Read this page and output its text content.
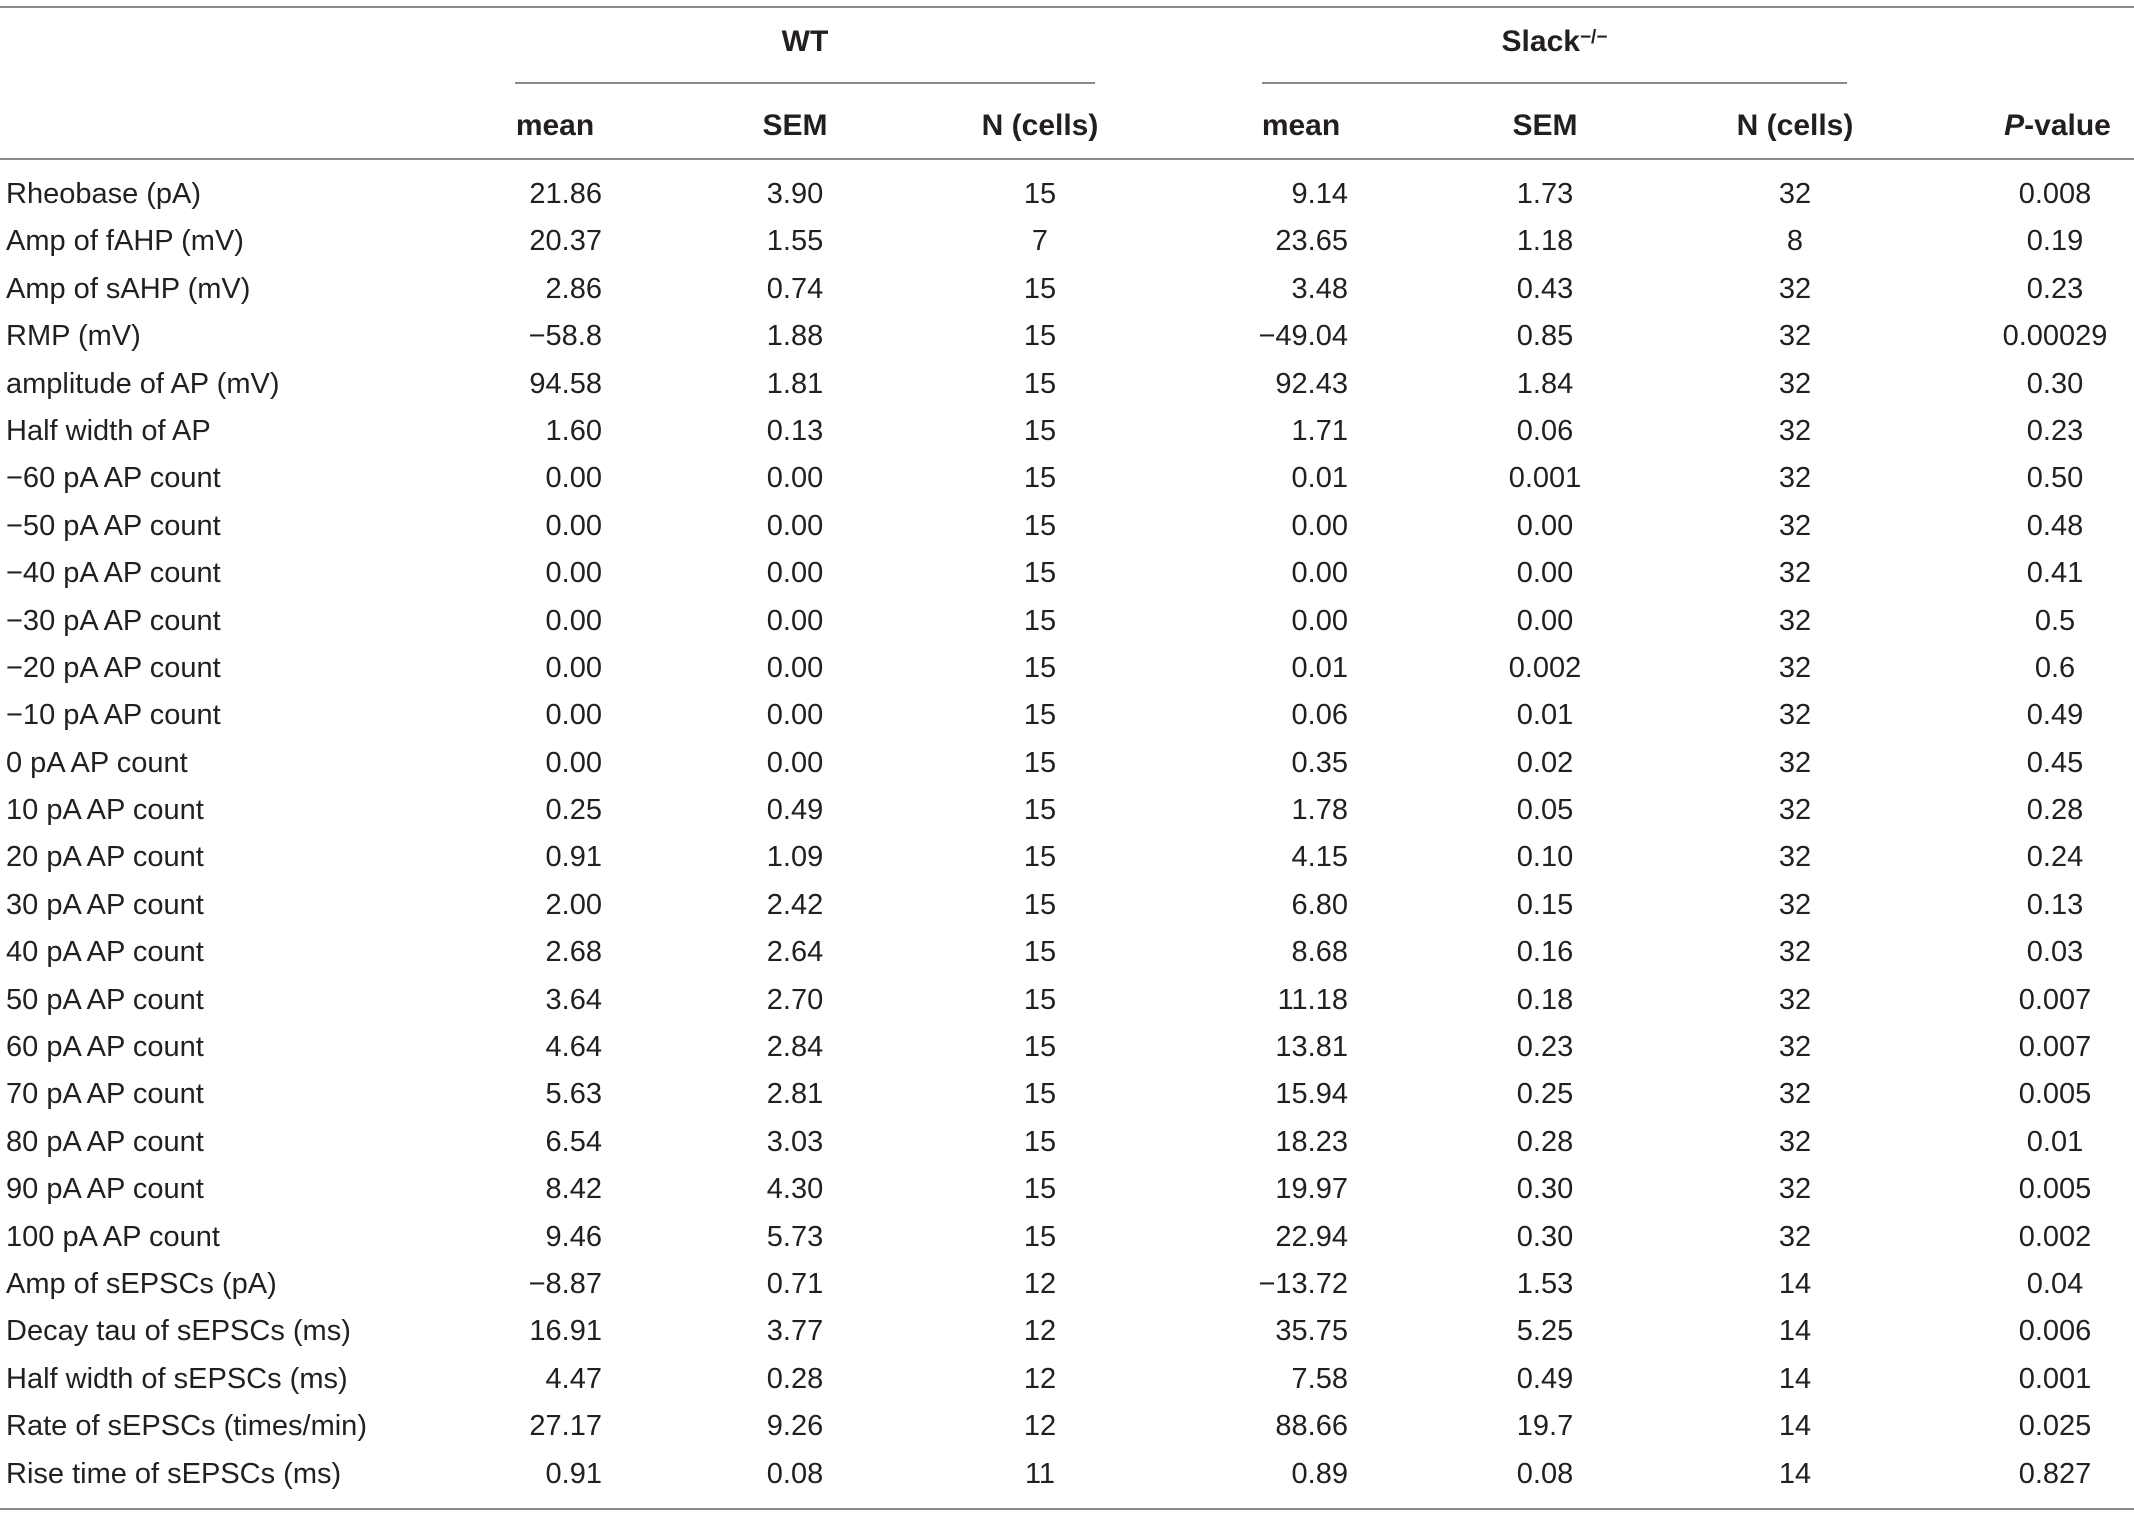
WT	Slack−/−
mean	SEM	N (cells)	mean	SEM	N (cells)	P-value
Rheobase (pA)	21.86	3.90	15	9.14	1.73	32	0.008
Amp of fAHP (mV)	20.37	1.55	7	23.65	1.18	8	0.19
Amp of sAHP (mV)	2.86	0.74	15	3.48	0.43	32	0.23
RMP (mV)	−58.8	1.88	15	−49.04	0.85	32	0.00029
amplitude of AP (mV)	94.58	1.81	15	92.43	1.84	32	0.30
Half width of AP	1.60	0.13	15	1.71	0.06	32	0.23
−60 pA AP count	0.00	0.00	15	0.01	0.001	32	0.50
−50 pA AP count	0.00	0.00	15	0.00	0.00	32	0.48
−40 pA AP count	0.00	0.00	15	0.00	0.00	32	0.41
−30 pA AP count	0.00	0.00	15	0.00	0.00	32	0.5
−20 pA AP count	0.00	0.00	15	0.01	0.002	32	0.6
−10 pA AP count	0.00	0.00	15	0.06	0.01	32	0.49
0 pA AP count	0.00	0.00	15	0.35	0.02	32	0.45
10 pA AP count	0.25	0.49	15	1.78	0.05	32	0.28
20 pA AP count	0.91	1.09	15	4.15	0.10	32	0.24
30 pA AP count	2.00	2.42	15	6.80	0.15	32	0.13
40 pA AP count	2.68	2.64	15	8.68	0.16	32	0.03
50 pA AP count	3.64	2.70	15	11.18	0.18	32	0.007
60 pA AP count	4.64	2.84	15	13.81	0.23	32	0.007
70 pA AP count	5.63	2.81	15	15.94	0.25	32	0.005
80 pA AP count	6.54	3.03	15	18.23	0.28	32	0.01
90 pA AP count	8.42	4.30	15	19.97	0.30	32	0.005
100 pA AP count	9.46	5.73	15	22.94	0.30	32	0.002
Amp of sEPSCs (pA)	−8.87	0.71	12	−13.72	1.53	14	0.04
Decay tau of sEPSCs (ms)	16.91	3.77	12	35.75	5.25	14	0.006
Half width of sEPSCs (ms)	4.47	0.28	12	7.58	0.49	14	0.001
Rate of sEPSCs (times/min)	27.17	9.26	12	88.66	19.7	14	0.025
Rise time of sEPSCs (ms)	0.91	0.08	11	0.89	0.08	14	0.827
